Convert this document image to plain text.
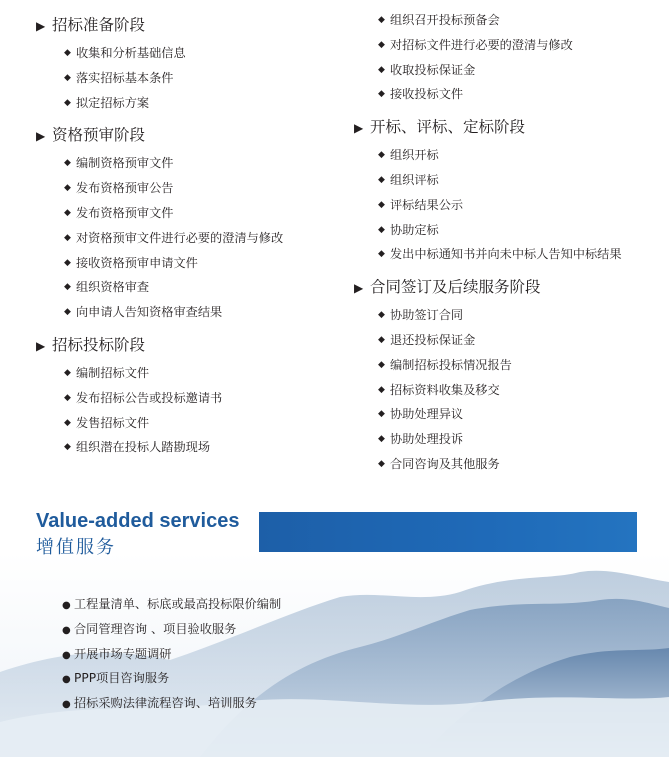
▶ 招标准备阶段
◆ 收集和分析基础信息
◆ 落实招标基本条件
◆ 拟定招标方案
▶ 资格预审阶段
◆ 编制资格预审文件
◆ 发布资格预审公告
◆ 发布资格预审文件
◆ 对资格预审文件进行必要的澄清与修改
◆ 接收资格预审申请文件
◆ 组织资格审查
◆ 向申请人告知资格审查结果
▶ 招标投标阶段
◆ 编制招标文件
◆ 发布招标公告或投标邀请书
◆ 发售招标文件
◆ 组织潜在投标人踏勘现场
◆ 组织召开投标预备会
◆ 对招标文件进行必要的澄清与修改
◆ 收取投标保证金
◆ 接收投标文件
▶ 开标、评标、定标阶段
◆ 组织开标
◆ 组织评标
◆ 评标结果公示
◆ 协助定标
◆ 发出中标通知书并向未中标人告知中标结果
▶ 合同签订及后续服务阶段
◆ 协助签订合同
◆ 退还投标保证金
◆ 编制招标投标情况报告
◆ 招标资料收集及移交
◆ 协助处理异议
◆ 协助处理投诉
◆ 合同咨询及其他服务
Value-added services
增值服务
● 工程量清单、标底或最高投标限价编制
● 合同管理咨询 、项目验收服务
● 开展市场专题调研
● PPP项目咨询服务
● 招标采购法律流程咨询、培训服务
